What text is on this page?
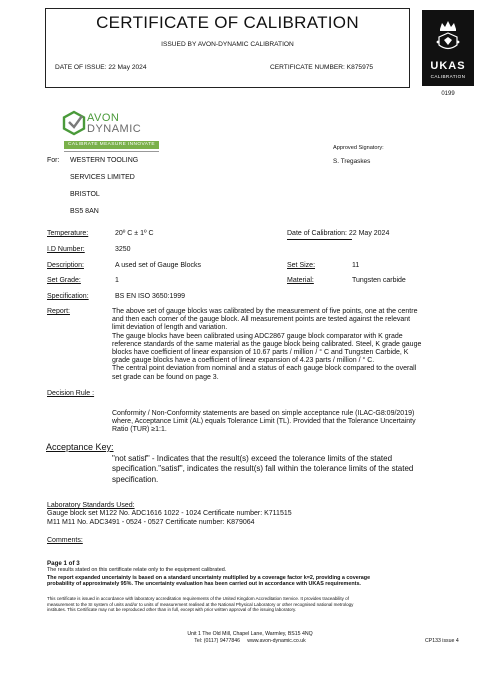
CERTIFICATE OF CALIBRATION
ISSUED BY AVON-DYNAMIC CALIBRATION
DATE OF ISSUE: 22 May 2024	CERTIFICATE NUMBER: K875975	UKAS
CALIBRATION
0199
AVON
DYNAMIC
CALIBRATE MEASURE INNOVATE
Approved Signatory:
S. Tregaskes
For: WESTERN TOOLING
SERVICES LIMITED
BRISTOL
BS5 8AN
Temperature:	20º C ± 1º C	Date of Calibration: 22 May 2024
I.D Number:	3250
Description:	A used set of Gauge Blocks	Set Size:	11
Set Grade:	1	Material:	Tungsten carbide
Specification:	BS EN ISO 3650:1999
Report:	The above set of gauge blocks was calibrated by the measurement of five points, one at the centre
and then each corner of the gauge block. All measurement points are tested against the relevant
limit deviation of length and variation.
The gauge blocks have been calibrated using ADC2867 gauge block comparator with K grade
reference standards of the same material as the gauge block being calibrated. Steel, K grade gauge
blocks have coefficient of linear expansion of 10.67 parts / million / ° C and Tungsten Carbide, K
grade gauge blocks have a coefficient of linear expansion of 4.23 parts / million / ° C.
The central point deviation from nominal and a status of each gauge block compared to the overall
set grade can be found on page 3.
Decision Rule :
Conformity / Non-Conformity statements are based on simple acceptance rule (ILAC-G8:09/2019)
where, Acceptance Limit (AL) equals Tolerance Limit (TL). Provided that the Tolerance Uncertainty
Ratio (TUR) ≥1:1.
Acceptance Key:
"not satisf" - Indicates that the result(s) exceed the tolerance limits of the stated
specification."satisf", indicates the result(s) fall within the tolerance limits of the stated
specification.
Laboratory Standards Used:
Gauge block set M122 No. ADC1616 1022 - 1024 Certificate number: K711515
M11 M11 No. ADC3491 - 0524 - 0527 Certificate number: K879064
Comments:
Page 1 of 3
The results stated on this certificate relate only to the equipment calibrated.
The report expanded uncertainty is based on a standard uncertainty multiplied by a coverage factor k=2, providing a coverage
probability of approximately 95%. The uncertainty evaluation has been carried out in accordance with UKAS requirements.
This certificate is issued in accordance with laboratory accreditation requirements of the United Kingdom Accreditation Service. It provides traceability of
measurement to the SI system of units and/or to units of measurement realised at the National Physical Laboratory or other recognised national metrology
institutes. This Certificate may not be reproduced other than in full, except with prior written approval of the issuing laboratory.
Unit 1 The Old Mill, Chapel Lane, Warmley, BS15 4NQ
Tel: (0117) 9477846     www.avon-dynamic.co.uk	CP133 issue 4
